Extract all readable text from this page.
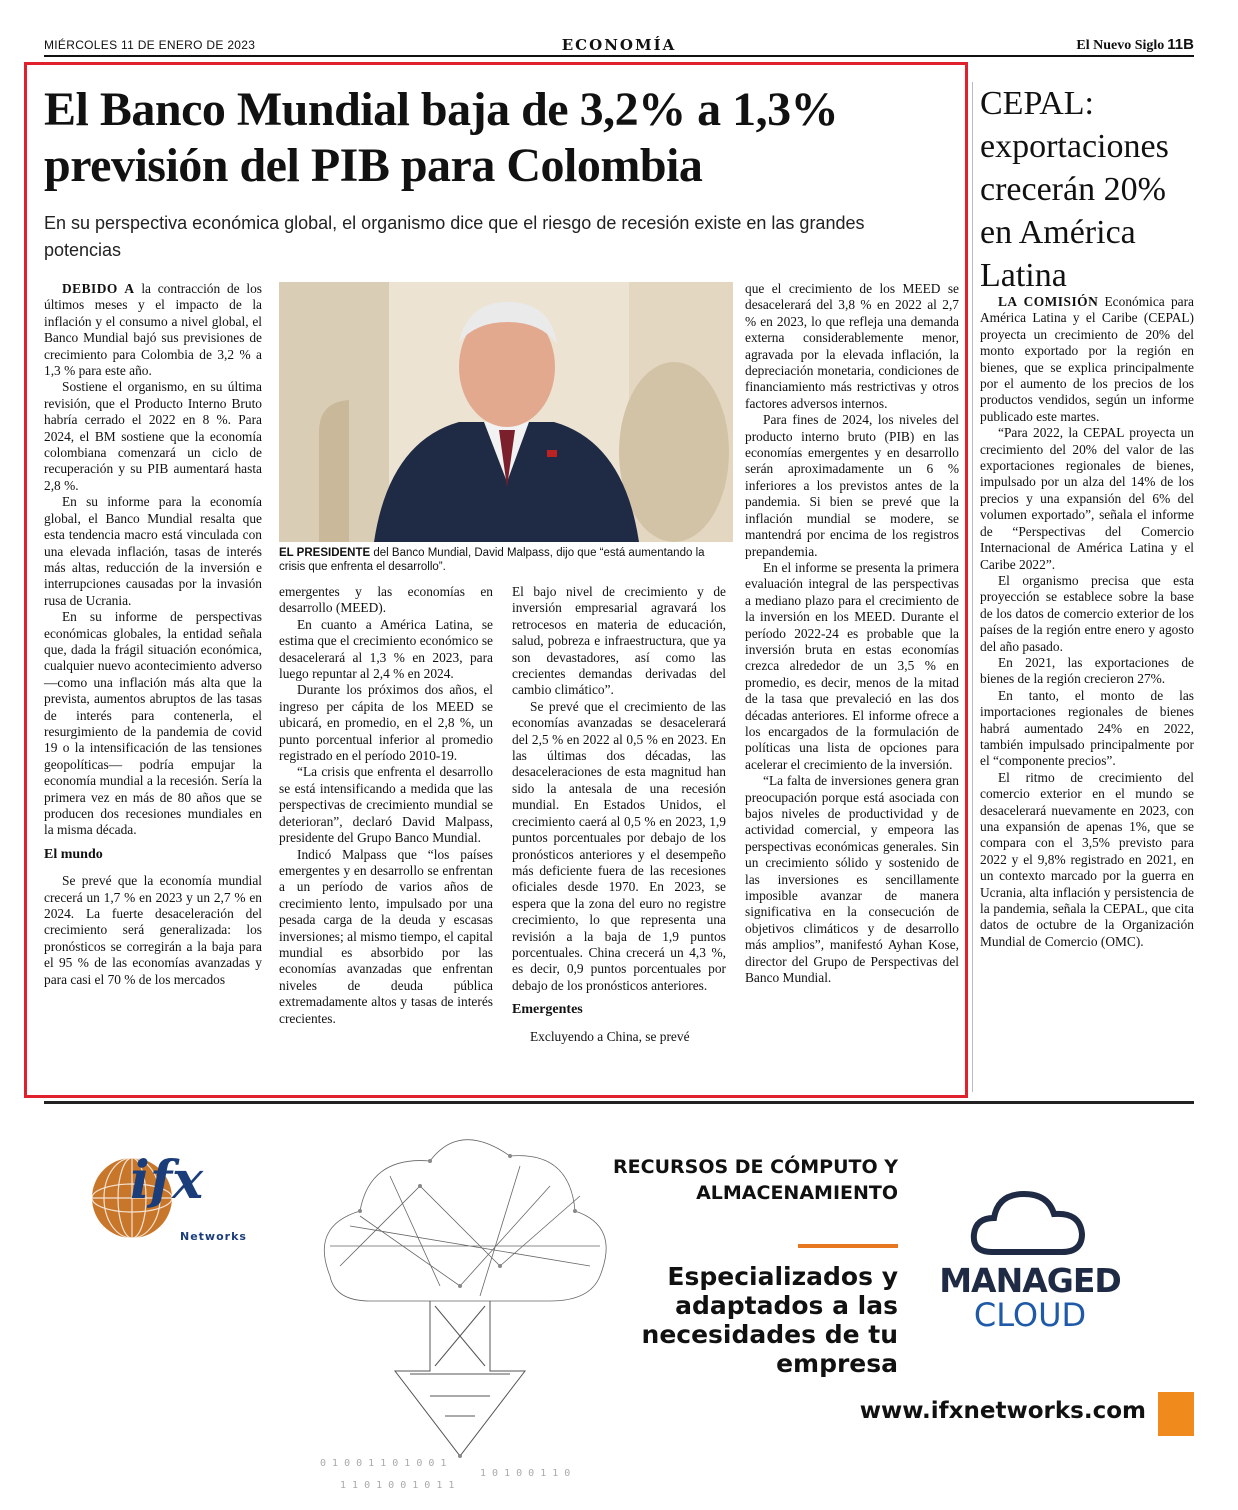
MIÉRCOLES 11 DE ENERO DE 2023	ECONOMÍA	El Nuevo Siglo 11B
El Banco Mundial baja de 3,2% a 1,3% previsión del PIB para Colombia
En su perspectiva económica global, el organismo dice que el riesgo de recesión existe en las grandes potencias

DEBIDO A la contracción de los últimos meses y el impacto de la inflación y el consumo a nivel global, el Banco Mundial bajó sus previsiones de crecimiento para Colombia de 3,2 % a 1,3 % para este año.

Sostiene el organismo, en su última revisión, que el Producto Interno Bruto habría cerrado el 2022 en 8 %. Para 2024, el BM sostiene que la economía colombiana comenzará un ciclo de recuperación y su PIB aumentará hasta 2,8 %.

En su informe para la economía global, el Banco Mundial resalta que esta tendencia macro está vinculada con una elevada inflación, tasas de interés más altas, reducción de la inversión e interrupciones causadas por la invasión rusa de Ucrania.

En su informe de perspectivas económicas globales, la entidad señala que, dada la frágil situación económica, cualquier nuevo acontecimiento adverso —como una inflación más alta que la prevista, aumentos abruptos de las tasas de interés para contenerla, el resurgimiento de la pandemia de covid 19 o la intensificación de las tensiones geopolíticas— podría empujar la economía mundial a la recesión. Sería la primera vez en más de 80 años que se producen dos recesiones mundiales en la misma década.

El mundo

Se prevé que la economía mundial crecerá un 1,7 % en 2023 y un 2,7 % en 2024. La fuerte desaceleración del crecimiento será generalizada: los pronósticos se corregirán a la baja para el 95 % de las economías avanzadas y para casi el 70 % de los mercados

EL PRESIDENTE del Banco Mundial, David Malpass, dijo que “está aumentando la crisis que enfrenta el desarrollo”.

emergentes y las economías en desarrollo (MEED).

En cuanto a América Latina, se estima que el crecimiento económico se desacelerará al 1,3 % en 2023, para luego repuntar al 2,4 % en 2024.

Durante los próximos dos años, el ingreso per cápita de los MEED se ubicará, en promedio, en el 2,8 %, un punto porcentual inferior al promedio registrado en el período 2010-19.

“La crisis que enfrenta el desarrollo se está intensificando a medida que las perspectivas de crecimiento mundial se deterioran”, declaró David Malpass, presidente del Grupo Banco Mundial.

Indicó Malpass que “los países emergentes y en desarrollo se enfrentan a un período de varios años de crecimiento lento, impulsado por una pesada carga de la deuda y escasas inversiones; al mismo tiempo, el capital mundial es absorbido por las economías avanzadas que enfrentan niveles de deuda pública extremadamente altos y tasas de interés crecientes.

El bajo nivel de crecimiento y de inversión empresarial agravará los retrocesos en materia de educación, salud, pobreza e infraestructura, que ya son devastadores, así como las crecientes demandas derivadas del cambio climático”.

Se prevé que el crecimiento de las economías avanzadas se desacelerará del 2,5 % en 2022 al 0,5 % en 2023. En las últimas dos décadas, las desaceleraciones de esta magnitud han sido la antesala de una recesión mundial. En Estados Unidos, el crecimiento caerá al 0,5 % en 2023, 1,9 puntos porcentuales por debajo de los pronósticos anteriores y el desempeño más deficiente fuera de las recesiones oficiales desde 1970. En 2023, se espera que la zona del euro no registre crecimiento, lo que representa una revisión a la baja de 1,9 puntos porcentuales. China crecerá un 4,3 %, es decir, 0,9 puntos porcentuales por debajo de los pronósticos anteriores.

Emergentes

Excluyendo a China, se prevé

que el crecimiento de los MEED se desacelerará del 3,8 % en 2022 al 2,7 % en 2023, lo que refleja una demanda externa considerablemente menor, agravada por la elevada inflación, la depreciación monetaria, condiciones de financiamiento más restrictivas y otros factores adversos internos.

Para fines de 2024, los niveles del producto interno bruto (PIB) en las economías emergentes y en desarrollo serán aproximadamente un 6 % inferiores a los previstos antes de la pandemia. Si bien se prevé que la inflación mundial se modere, se mantendrá por encima de los registros prepandemia.

En el informe se presenta la primera evaluación integral de las perspectivas a mediano plazo para el crecimiento de la inversión en los MEED. Durante el período 2022-24 es probable que la inversión bruta en estas economías crezca alrededor de un 3,5 % en promedio, es decir, menos de la mitad de la tasa que prevaleció en las dos décadas anteriores. El informe ofrece a los encargados de la formulación de políticas una lista de opciones para acelerar el crecimiento de la inversión.

“La falta de inversiones genera gran preocupación porque está asociada con bajos niveles de productividad y de actividad comercial, y empeora las perspectivas económicas generales. Sin un crecimiento sólido y sostenido de las inversiones es sencillamente imposible avanzar de manera significativa en la consecución de objetivos climáticos y de desarrollo más amplios”, manifestó Ayhan Kose, director del Grupo de Perspectivas del Banco Mundial.

CEPAL: exportaciones crecerán 20% en América Latina

LA COMISIÓN Económica para América Latina y el Caribe (CEPAL) proyecta un crecimiento de 20% del monto exportado por la región en bienes, que se explica principalmente por el aumento de los precios de los productos vendidos, según un informe publicado este martes.

“Para 2022, la CEPAL proyecta un crecimiento del 20% del valor de las exportaciones regionales de bienes, impulsado por un alza del 14% de los precios y una expansión del 6% del volumen exportado”, señala el informe de “Perspectivas del Comercio Internacional de América Latina y el Caribe 2022”.

El organismo precisa que esta proyección se establece sobre la base de los datos de comercio exterior de los países de la región entre enero y agosto del año pasado.

En 2021, las exportaciones de bienes de la región crecieron 27%.

En tanto, el monto de las importaciones regionales de bienes habrá aumentado 24% en 2022, también impulsado principalmente por el “componente precios”.

El ritmo de crecimiento del comercio exterior en el mundo se desacelerará nuevamente en 2023, con una expansión de apenas 1%, que se compara con el 3,5% previsto para 2022 y el 9,8% registrado en 2021, en un contexto marcado por la guerra en Ucrania, alta inflación y persistencia de la pandemia, señala la CEPAL, que cita datos de octubre de la Organización Mundial de Comercio (OMC).

ifx
Networks
0 1 0 0 1 1 0 1 0 0 1
1 0 1 0 0 1 1 0
1 1 0 1 0 0 1 0 1 1
RECURSOS DE CÓMPUTO Y ALMACENAMIENTO
Especializados y adaptados a las necesidades de tu empresa
MANAGED
CLOUD
www.ifxnetworks.com
